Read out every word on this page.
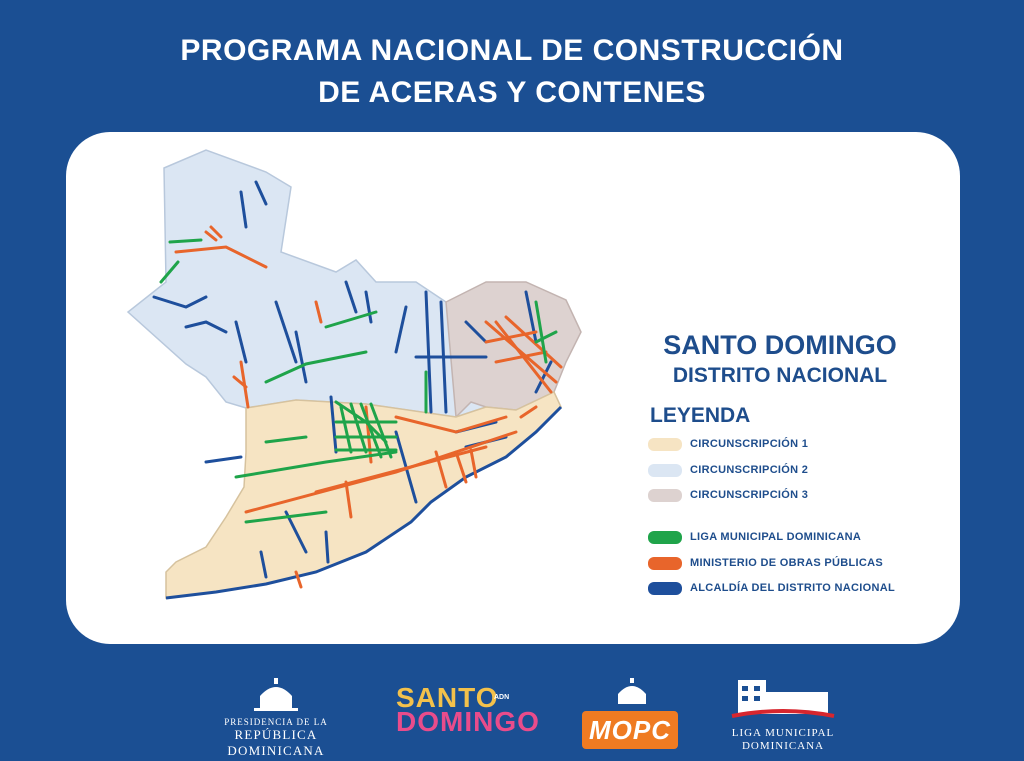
PROGRAMA NACIONAL DE CONSTRUCCIÓN
DE ACERAS Y CONTENES
SANTO DOMINGO
DISTRITO NACIONAL
LEYENDA
CIRCUNSCRIPCIÓN 1
CIRCUNSCRIPCIÓN 2
CIRCUNSCRIPCIÓN 3
LIGA MUNICIPAL DOMINICANA
MINISTERIO DE OBRAS PÚBLICAS
ALCALDÍA DEL DISTRITO NACIONAL
PRESIDENCIA DE LA
REPÚBLICA DOMINICANA
SANTO
DOMINGO
ADN
MOPC	LIGA MUNICIPAL
DOMINICANA
